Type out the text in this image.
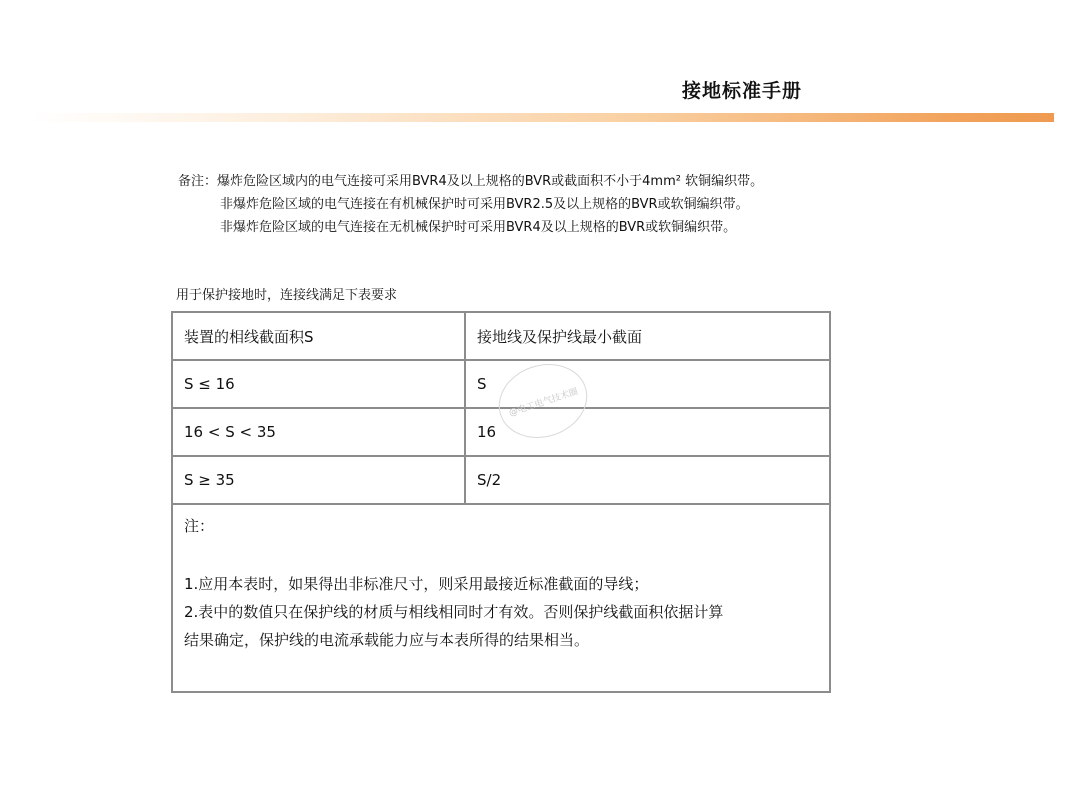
接地标准手册
备注：爆炸危险区域内的电气连接可采用BVR4及以上规格的BVR或截面积不小于4mm² 软铜编织带。
非爆炸危险区域的电气连接在有机械保护时可采用BVR2.5及以上规格的BVR或软铜编织带。
非爆炸危险区域的电气连接在无机械保护时可采用BVR4及以上规格的BVR或软铜编织带。
用于保护接地时，连接线满足下表要求
装置的相线截面积S	接地线及保护线最小截面
S ≤ 16	S
16 < S < 35	16
S ≥ 35	S/2
注：
1.应用本表时，如果得出非标准尺寸，则采用最接近标准截面的导线；
2.表中的数值只在保护线的材质与相线相同时才有效。否则保护线截面积依据计算
结果确定，保护线的电流承载能力应与本表所得的结果相当。
@电工电气技术圈
